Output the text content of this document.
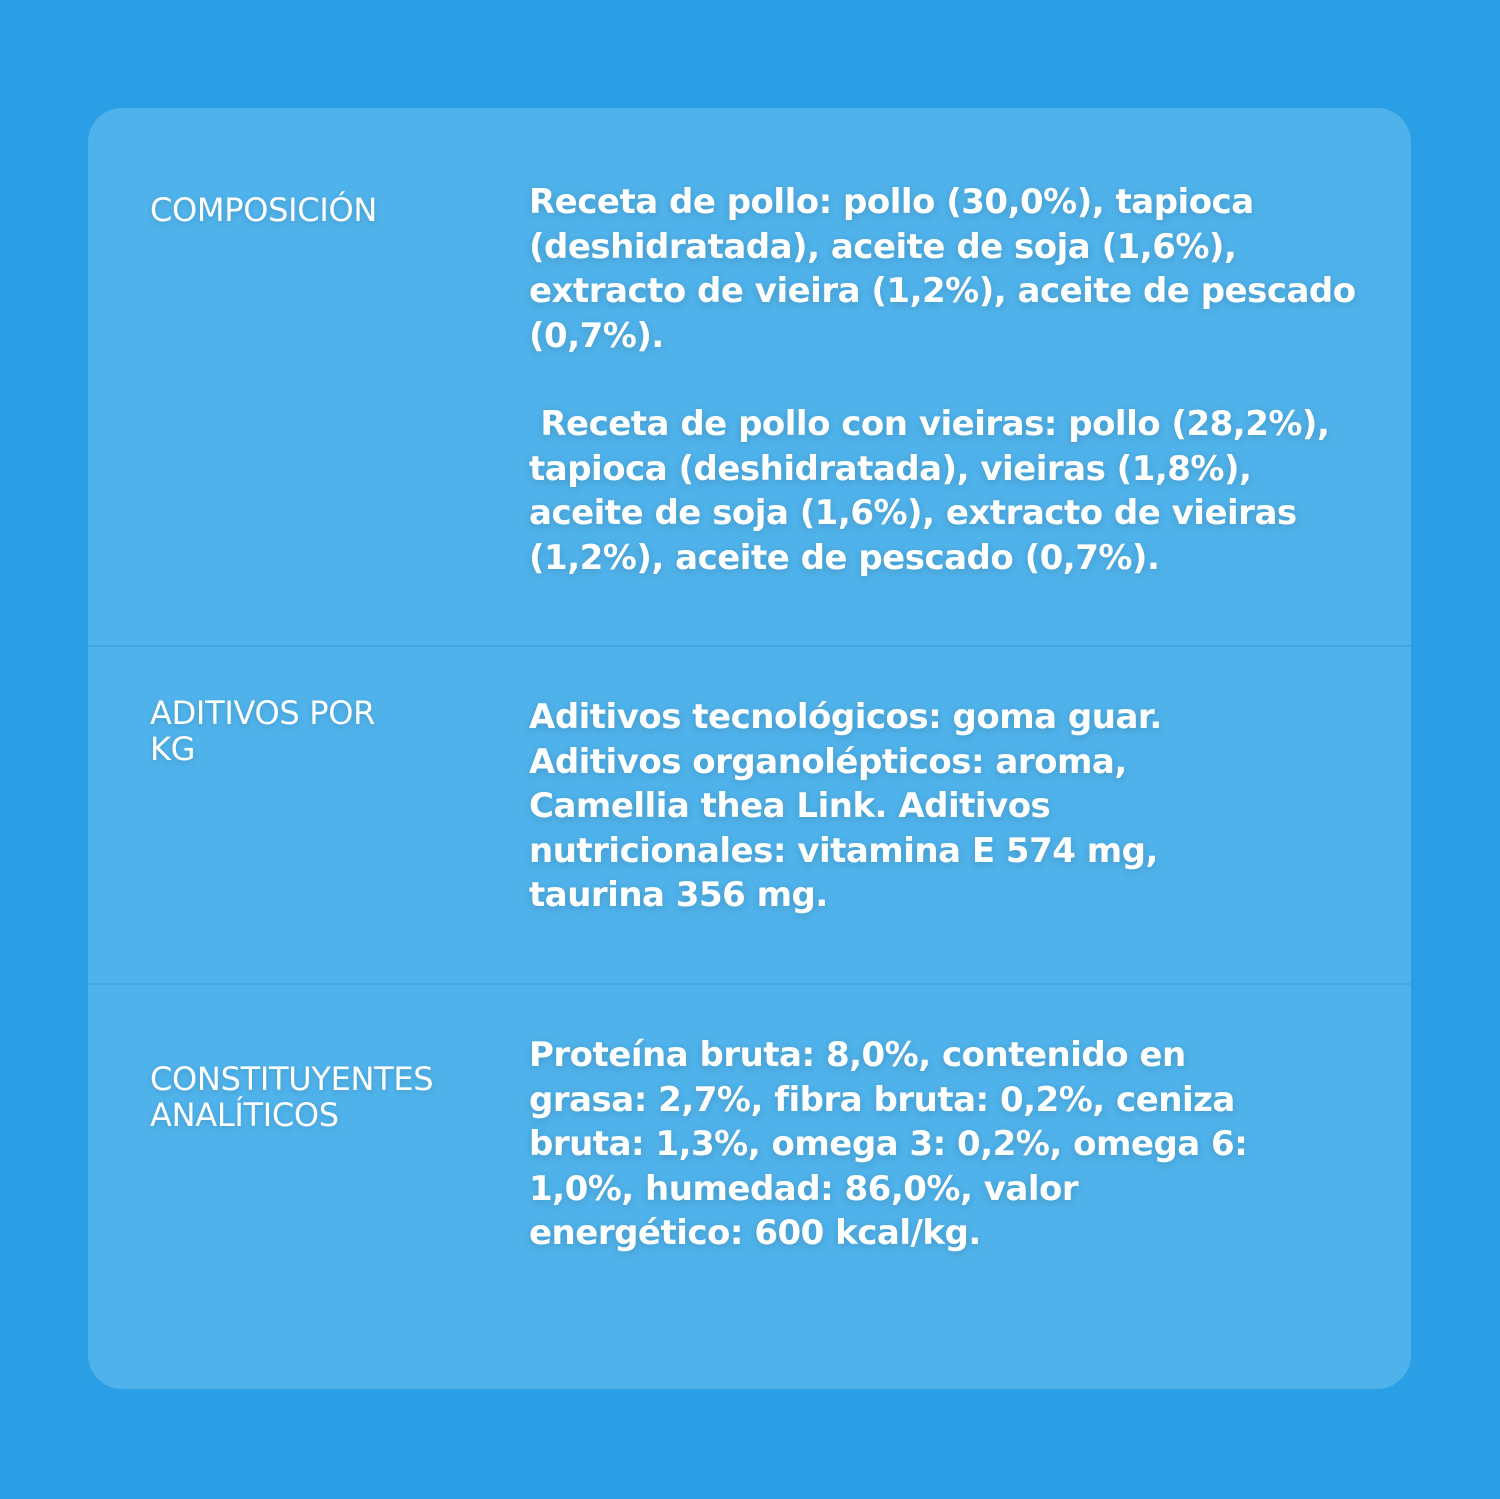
COMPOSICIÓN	Receta de pollo: pollo (30,0%), tapioca (deshidratada), aceite de soja (1,6%), extracto de vieira (1,2%), aceite de pescado (0,7%).

Receta de pollo con vieiras: pollo (28,2%), tapioca (deshidratada), vieiras (1,8%), aceite de soja (1,6%), extracto de vieiras (1,2%), aceite de pescado (0,7%).

ADITIVOS POR KG

Aditivos tecnológicos: goma guar. Aditivos organolépticos: aroma, Camellia thea Link. Aditivos nutricionales: vitamina E 574 mg, taurina 356 mg.

CONSTITUYENTES ANALÍTICOS

Proteína bruta: 8,0%, contenido en grasa: 2,7%, fibra bruta: 0,2%, ceniza bruta: 1,3%, omega 3: 0,2%, omega 6: 1,0%, humedad: 86,0%, valor energético: 600 kcal/kg.
